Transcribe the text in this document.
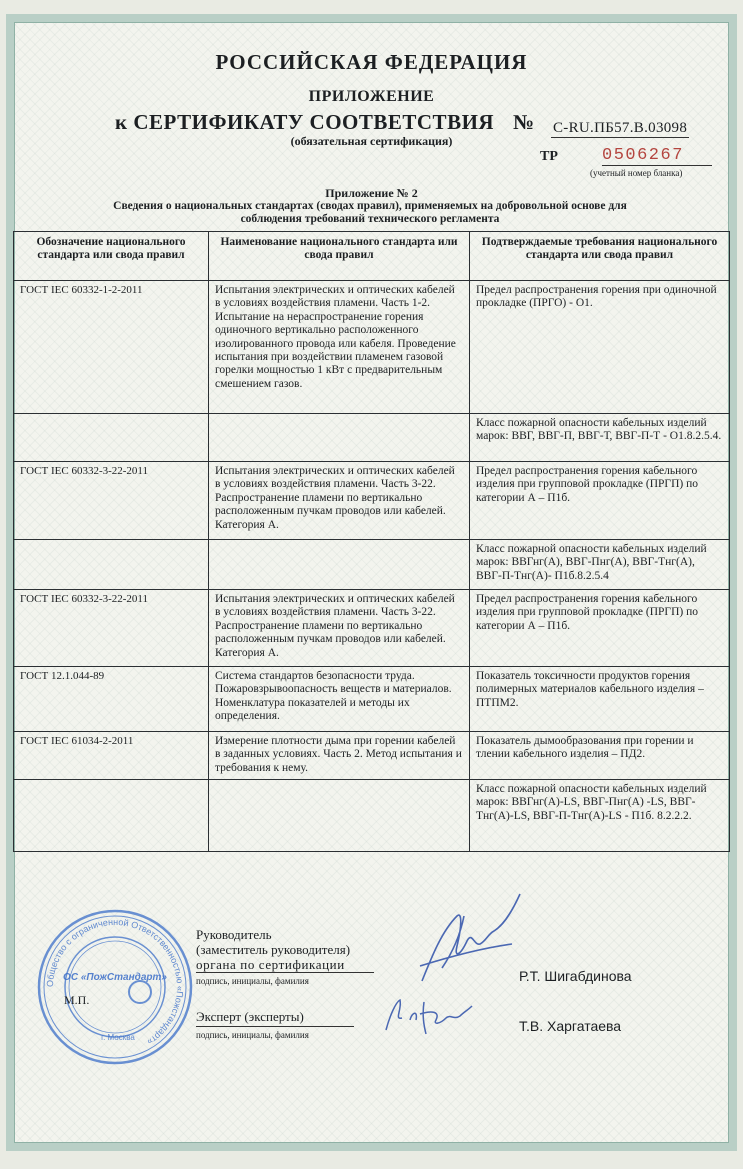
РОССИЙСКАЯ ФЕДЕРАЦИЯ
ПРИЛОЖЕНИЕ
к СЕРТИФИКАТУ СООТВЕТСТВИЯ № C-RU.ПБ57.В.03098
(обязательная сертификация)
ТР	0506267
(учетный номер бланка)
Приложение № 2
Сведения о национальных стандартах (сводах правил), применяемых на добровольной основе для соблюдения требований технического регламента
Обозначение национального стандарта или свода правил	Наименование национального стандарта или свода правил	Подтверждаемые требования национального стандарта или свода правил
ГОСТ IEC 60332-1-2-2011	Испытания электрических и оптических кабелей в условиях воздействия пламени. Часть 1-2. Испытание на нераспространение горения одиночного вертикально расположенного изолированного провода или кабеля. Проведение испытания при воздействии пламенем газовой горелки мощностью 1 кВт с предварительным смешением газов.	Предел распространения горения при одиночной прокладке (ПРГО) - О1.
		Класс пожарной опасности кабельных изделий марок: ВВГ, ВВГ-П, ВВГ-Т, ВВГ-П-Т - О1.8.2.5.4.
ГОСТ IEC 60332-3-22-2011	Испытания электрических и оптических кабелей в условиях воздействия пламени. Часть 3-22. Распространение пламени по вертикально расположенным пучкам проводов или кабелей. Категория А.	Предел распространения горения кабельного изделия при групповой прокладке (ПРГП) по категории А – П1б.
		Класс пожарной опасности кабельных изделий марок: ВВГнг(А), ВВГ-Пнг(А), ВВГ-Тнг(А), ВВГ-П-Тнг(А)- П1б.8.2.5.4
ГОСТ IEC 60332-3-22-2011	Испытания электрических и оптических кабелей в условиях воздействия пламени. Часть 3-22. Распространение пламени по вертикально расположенным пучкам проводов или кабелей. Категория А.	Предел распространения горения кабельного изделия при групповой прокладке (ПРГП) по категории А – П1б.
ГОСТ 12.1.044-89	Система стандартов безопасности труда. Пожаровзрывоопасность веществ и материалов. Номенклатура показателей и методы их определения.	Показатель токсичности продуктов горения полимерных материалов кабельного изделия – ПТПМ2.
ГОСТ IEC 61034-2-2011	Измерение плотности дыма при горении кабелей в заданных условиях. Часть 2. Метод испытания и требования к нему.	Показатель дымообразования при горении и тлении кабельного изделия – ПД2.
		Класс пожарной опасности кабельных изделий марок: ВВГнг(А)-LS, ВВГ-Пнг(А) -LS, ВВГ-Тнг(А)-LS, ВВГ-П-Тнг(А)-LS - П1б. 8.2.2.2.
Общество с ограниченной Ответственностью «Пожстандарт»
ОС «ПожСтандарт»
г. Москва
М.П.
Руководитель
(заместитель руководителя)
органа по сертификации
подпись, инициалы, фамилия
Эксперт (эксперты)
подпись, инициалы, фамилия
Р.Т. Шигабдинова
Т.В. Харгатаева
